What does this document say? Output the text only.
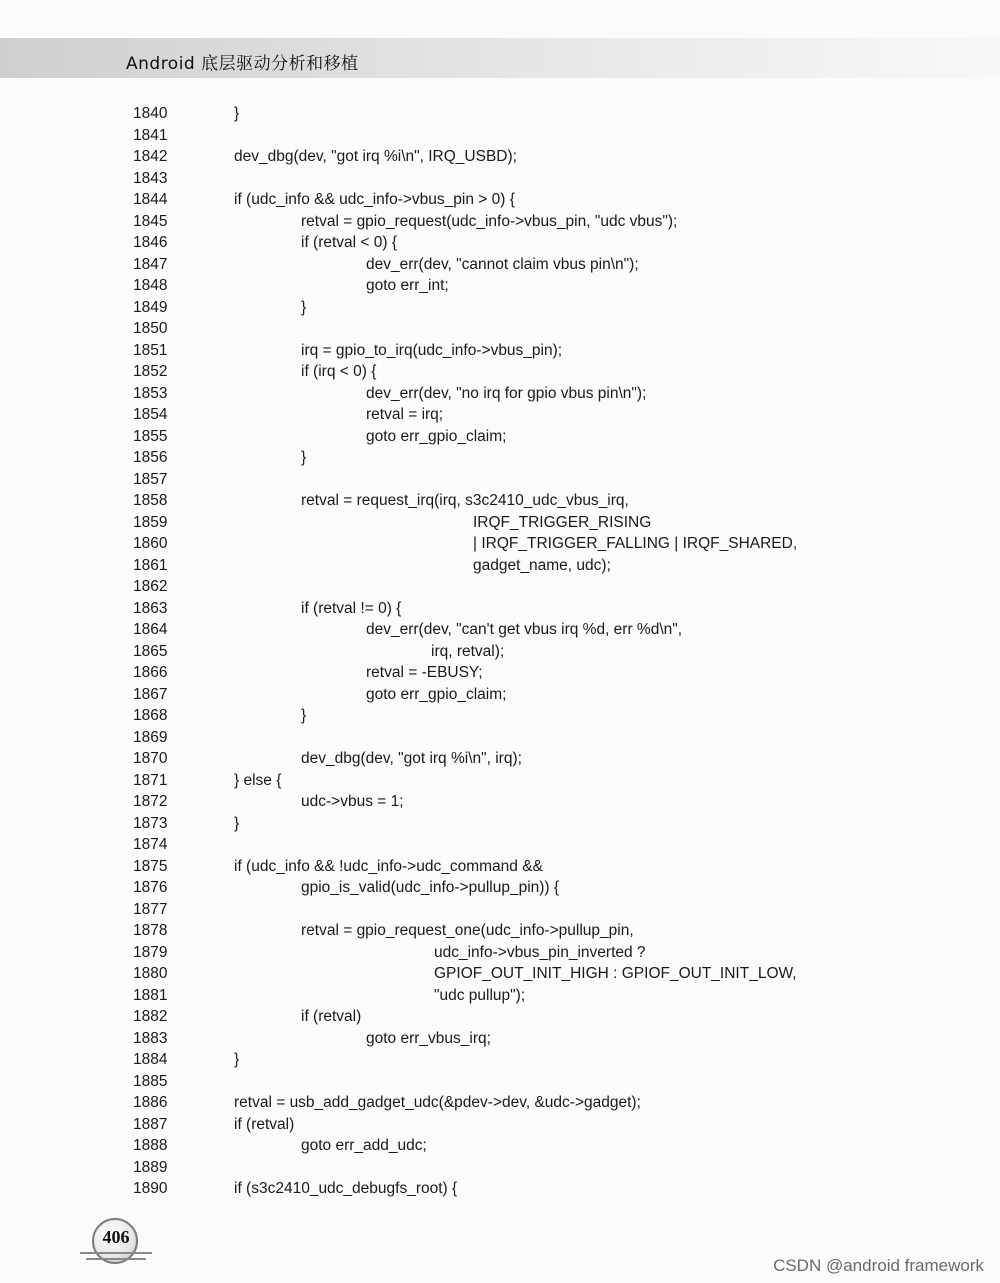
Android 底层驱动分析和移植
1840	}
1841
1842	dev_dbg(dev, "got irq %i\n", IRQ_USBD);
1843
1844	if (udc_info && udc_info->vbus_pin > 0) {
1845	retval = gpio_request(udc_info->vbus_pin, "udc vbus");
1846	if (retval < 0) {
1847	dev_err(dev, "cannot claim vbus pin\n");
1848	goto err_int;
1849	}
1850
1851	irq = gpio_to_irq(udc_info->vbus_pin);
1852	if (irq < 0) {
1853	dev_err(dev, "no irq for gpio vbus pin\n");
1854	retval = irq;
1855	goto err_gpio_claim;
1856	}
1857
1858	retval = request_irq(irq, s3c2410_udc_vbus_irq,
1859	IRQF_TRIGGER_RISING
1860	| IRQF_TRIGGER_FALLING | IRQF_SHARED,
1861	gadget_name, udc);
1862
1863	if (retval != 0) {
1864	dev_err(dev, "can't get vbus irq %d, err %d\n",
1865	irq, retval);
1866	retval = -EBUSY;
1867	goto err_gpio_claim;
1868	}
1869
1870	dev_dbg(dev, "got irq %i\n", irq);
1871	} else {
1872	udc->vbus = 1;
1873	}
1874
1875	if (udc_info && !udc_info->udc_command &&
1876	gpio_is_valid(udc_info->pullup_pin)) {
1877
1878	retval = gpio_request_one(udc_info->pullup_pin,
1879	udc_info->vbus_pin_inverted ?
1880	GPIOF_OUT_INIT_HIGH : GPIOF_OUT_INIT_LOW,
1881	"udc pullup");
1882	if (retval)
1883	goto err_vbus_irq;
1884	}
1885
1886	retval = usb_add_gadget_udc(&pdev->dev, &udc->gadget);
1887	if (retval)
1888	goto err_add_udc;
1889
1890	if (s3c2410_udc_debugfs_root) {
406
CSDN @android framework
